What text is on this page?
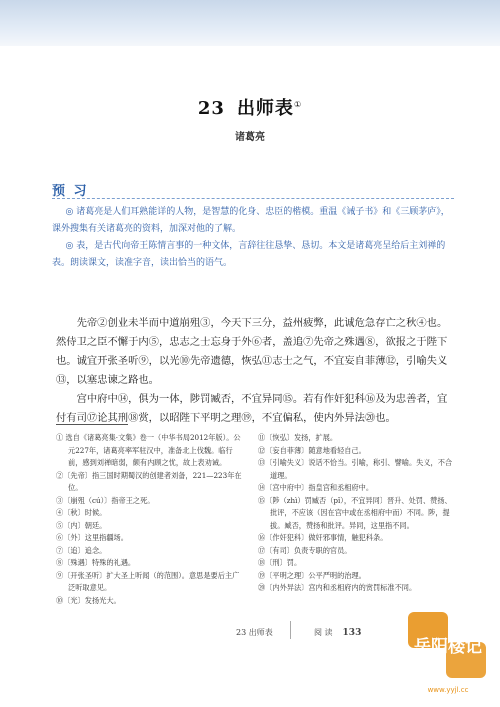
23 出师表①
诸葛亮
预 习

◎ 诸葛亮是人们耳熟能详的人物，是智慧的化身、忠臣的楷模。重温《诫子书》和《三顾茅庐》，课外搜集有关诸葛亮的资料，加深对他的了解。

◎ 表，是古代向帝王陈情言事的一种文体，言辞往往恳挚、恳切。本文是诸葛亮呈给后主刘禅的表。朗读课文，读准字音，读出恰当的语气。

先帝②创业未半而中道崩殂③，今天下三分，益州疲弊，此诚危急存亡之秋④也。然侍卫之臣不懈于内⑤，忠志之士忘身于外⑥者，盖追⑦先帝之殊遇⑧，欲报之于陛下也。诚宜开张圣听⑨，以光⑩先帝遗德，恢弘⑪志士之气，不宜妄自菲薄⑫，引喻失义⑬，以塞忠谏之路也。

宫中府中⑭，俱为一体，陟罚臧否，不宜异同⑮。若有作奸犯科⑯及为忠善者，宜付有司⑰论其刑⑱赏，以昭陛下平明之理⑲，不宜偏私，使内外异法⑳也。

① 选自《诸葛亮集·文集》卷一（中华书局2012年版）。公元227年，诸葛亮率军驻汉中，准备北上伐魏。临行前，感到刘禅暗弱，颇有内顾之忧，故上表劝诫。
②〔先帝〕指三国时期蜀汉的创建者刘备，221—223年在位。
③〔崩殂（cú）〕指帝王之死。
④〔秋〕时候。
⑤〔内〕朝廷。
⑥〔外〕这里指疆场。
⑦〔追〕追念。
⑧〔殊遇〕特殊的礼遇。
⑨〔开张圣听〕扩大圣上听闻（的范围）。意思是要后主广泛听取意见。
⑩〔光〕发扬光大。
⑪〔恢弘〕发扬，扩展。
⑫〔妄自菲薄〕随意地看轻自己。
⑬〔引喻失义〕说话不恰当。引喻，称引、譬喻。失义，不合道理。
⑭〔宫中府中〕指皇宫和丞相府中。
⑮〔陟（zhì）罚臧否（pǐ），不宜异同〕晋升、处罚、赞扬、批评，不应该（因在宫中或在丞相府中而）不同。陟，提拔。臧否，赞扬和批评。异同，这里指不同。
⑯〔作奸犯科〕做奸邪事情，触犯科条。
⑰〔有司〕负责专职的官员。
⑱〔刑〕罚。
⑲〔平明之理〕公平严明的治理。
⑳〔内外异法〕宫内和丞相府内的赏罚标准不同。
23 出师表	阅 读 133
岳阳楼记
www.yyjl.cc
